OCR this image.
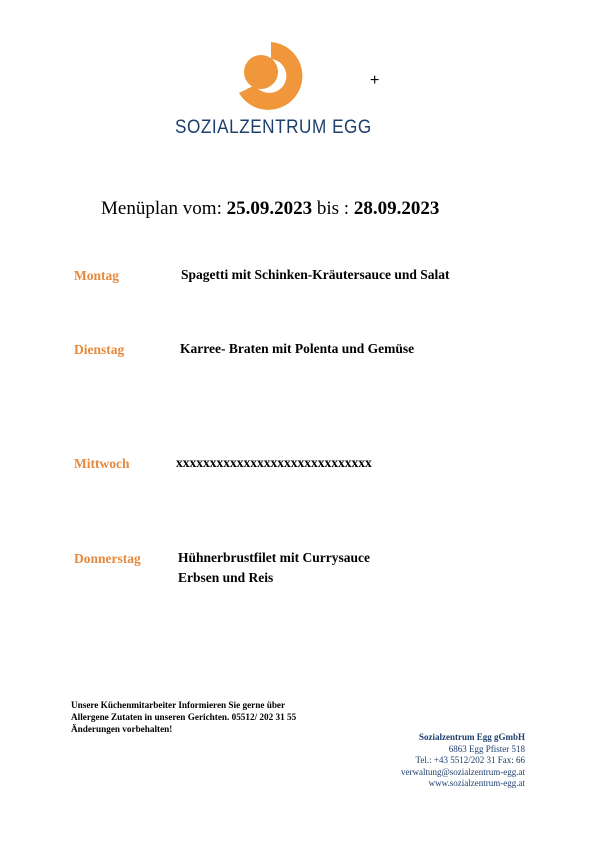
SOZIALZENTRUM EGG
+
Menüplan vom: 25.09.2023 bis : 28.09.2023
Montag	Spagetti mit Schinken-Kräutersauce und Salat
Dienstag	Karree- Braten mit Polenta und Gemüse
Mittwoch	xxxxxxxxxxxxxxxxxxxxxxxxxxxxx
Donnerstag	Hühnerbrustfilet mit Currysauce
Erbsen und Reis
Unsere Küchenmitarbeiter Informieren Sie gerne über
Allergene Zutaten in unseren Gerichten. 05512/ 202 31 55
Änderungen vorbehalten!
Sozialzentrum Egg gGmbH
6863 Egg Pfister 518
Tel.: +43 5512/202 31 Fax: 66
verwaltung@sozialzentrum-egg.at
www.sozialzentrum-egg.at
